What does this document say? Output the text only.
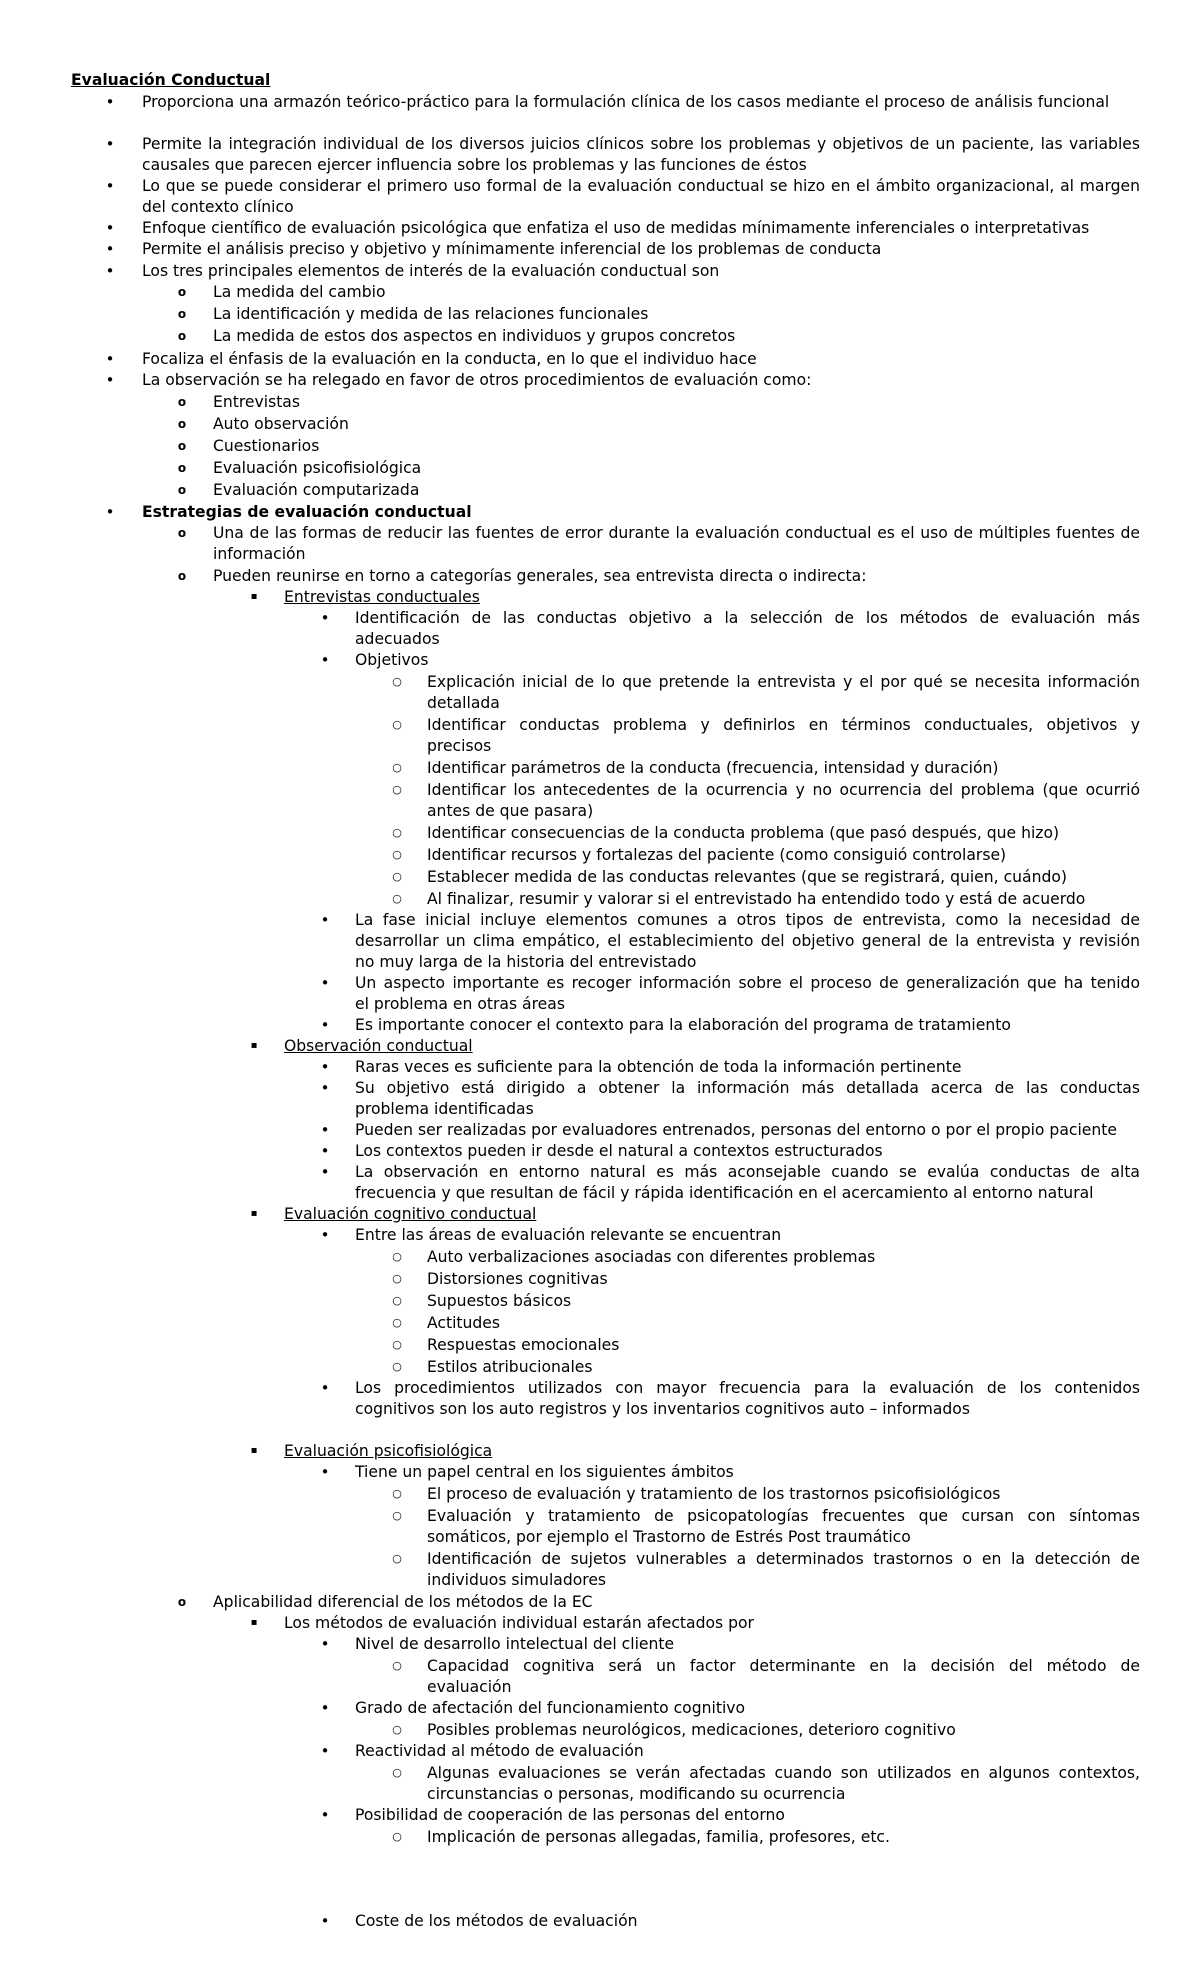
Evaluación Conductual
•	Proporciona una armazón teórico-práctico para la formulación clínica de los casos mediante el proceso de análisis funcional
•	Permite la integración individual de los diversos juicios clínicos sobre los problemas y objetivos de un paciente, las variables
causales que parecen ejercer influencia sobre los problemas y las funciones de éstos
•	Lo que se puede considerar el primero uso formal de la evaluación conductual se hizo en el ámbito organizacional, al margen
del contexto clínico
•	Enfoque científico de evaluación psicológica que enfatiza el uso de medidas mínimamente inferenciales o interpretativas
•	Permite el análisis preciso y objetivo y mínimamente inferencial de los problemas de conducta
•	Los tres principales elementos de interés de la evaluación conductual son
o	La medida del cambio
o	La identificación y medida de las relaciones funcionales
o	La medida de estos dos aspectos en individuos y grupos concretos
•	Focaliza el énfasis de la evaluación en la conducta, en lo que el individuo hace
•	La observación se ha relegado en favor de otros procedimientos de evaluación como:
o	Entrevistas
o	Auto observación
o	Cuestionarios
o	Evaluación psicofisiológica
o	Evaluación computarizada
•	Estrategias de evaluación conductual
o	Una de las formas de reducir las fuentes de error durante la evaluación conductual es el uso de múltiples fuentes de
información
o	Pueden reunirse en torno a categorías generales, sea entrevista directa o indirecta:
▪	Entrevistas conductuales
•	Identificación de las conductas objetivo a la selección de los métodos de evaluación más
adecuados
•	Objetivos
○	Explicación inicial de lo que pretende la entrevista y el por qué se necesita información
detallada
○	Identificar conductas problema y definirlos en términos conductuales, objetivos y
precisos
○	Identificar parámetros de la conducta (frecuencia, intensidad y duración)
○	Identificar los antecedentes de la ocurrencia y no ocurrencia del problema (que ocurrió
antes de que pasara)
○	Identificar consecuencias de la conducta problema (que pasó después, que hizo)
○	Identificar recursos y fortalezas del paciente (como consiguió controlarse)
○	Establecer medida de las conductas relevantes (que se registrará, quien, cuándo)
○	Al finalizar, resumir y valorar si el entrevistado ha entendido todo y está de acuerdo
•	La fase inicial incluye elementos comunes a otros tipos de entrevista, como la necesidad de
desarrollar un clima empático, el establecimiento del objetivo general de la entrevista y revisión
no muy larga de la historia del entrevistado
•	Un aspecto importante es recoger información sobre el proceso de generalización que ha tenido
el problema en otras áreas
•	Es importante conocer el contexto para la elaboración del programa de tratamiento
▪	Observación conductual
•	Raras veces es suficiente para la obtención de toda la información pertinente
•	Su objetivo está dirigido a obtener la información más detallada acerca de las conductas
problema identificadas
•	Pueden ser realizadas por evaluadores entrenados, personas del entorno o por el propio paciente
•	Los contextos pueden ir desde el natural a contextos estructurados
•	La observación en entorno natural es más aconsejable cuando se evalúa conductas de alta
frecuencia y que resultan de fácil y rápida identificación en el acercamiento al entorno natural
▪	Evaluación cognitivo conductual
•	Entre las áreas de evaluación relevante se encuentran
○	Auto verbalizaciones asociadas con diferentes problemas
○	Distorsiones cognitivas
○	Supuestos básicos
○	Actitudes
○	Respuestas emocionales
○	Estilos atribucionales
•	Los procedimientos utilizados con mayor frecuencia para la evaluación de los contenidos
cognitivos son los auto registros y los inventarios cognitivos auto – informados
▪	Evaluación psicofisiológica
•	Tiene un papel central en los siguientes ámbitos
○	El proceso de evaluación y tratamiento de los trastornos psicofisiológicos
○	Evaluación y tratamiento de psicopatologías frecuentes que cursan con síntomas
somáticos, por ejemplo el Trastorno de Estrés Post traumático
○	Identificación de sujetos vulnerables a determinados trastornos o en la detección de
individuos simuladores
o	Aplicabilidad diferencial de los métodos de la EC
▪	Los métodos de evaluación individual estarán afectados por
•	Nivel de desarrollo intelectual del cliente
○	Capacidad cognitiva será un factor determinante en la decisión del método de
evaluación
•	Grado de afectación del funcionamiento cognitivo
○	Posibles problemas neurológicos, medicaciones, deterioro cognitivo
•	Reactividad al método de evaluación
○	Algunas evaluaciones se verán afectadas cuando son utilizados en algunos contextos,
circunstancias o personas, modificando su ocurrencia
•	Posibilidad de cooperación de las personas del entorno
○	Implicación de personas allegadas, familia, profesores, etc.
•	Coste de los métodos de evaluación
